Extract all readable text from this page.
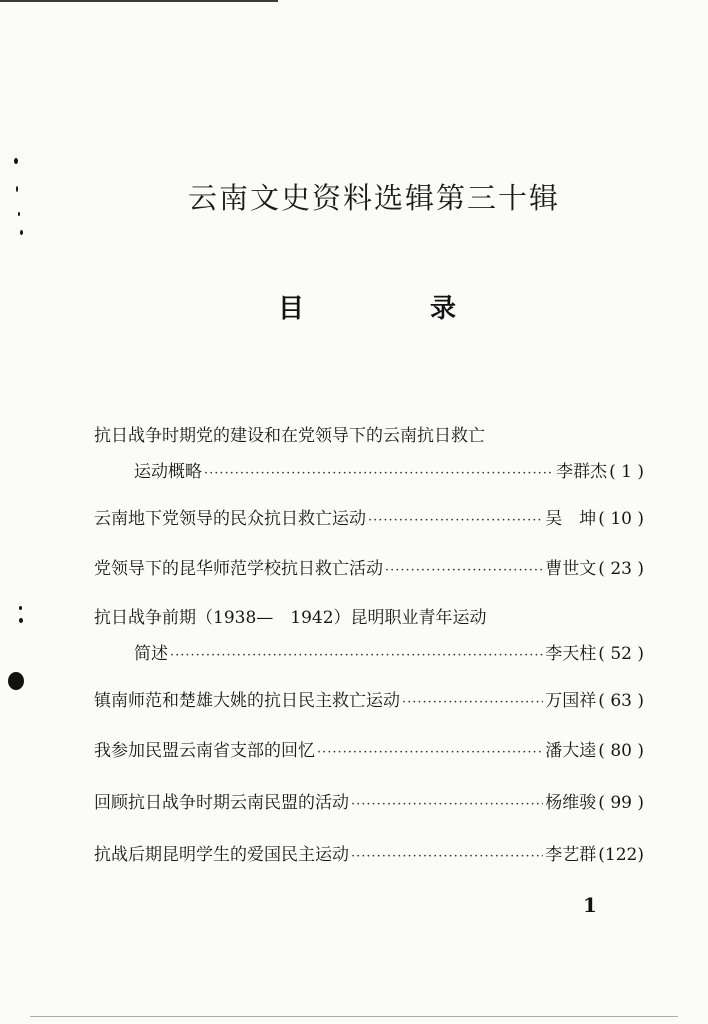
云南文史资料选辑第三十辑
目	录
抗日战争时期党的建设和在党领导下的云南抗日救亡
运动概略 ·····	李群杰 ( 1 )
云南地下党领导的民众抗日救亡运动 ·····	吴　坤 ( 10 )
党领导下的昆华师范学校抗日救亡活动 ·····	曹世文 ( 23 )
抗日战争前期（1938—　1942）昆明职业青年运动
简述 ·····	李天柱 ( 52 )
镇南师范和楚雄大姚的抗日民主救亡运动 ·····	万国祥 ( 63 )
我参加民盟云南省支部的回忆 ·····	潘大逵 ( 80 )
回顾抗日战争时期云南民盟的活动 ·····	杨维骏 ( 99 )
抗战后期昆明学生的爱国民主运动 ·····	李艺群 (122)
1
